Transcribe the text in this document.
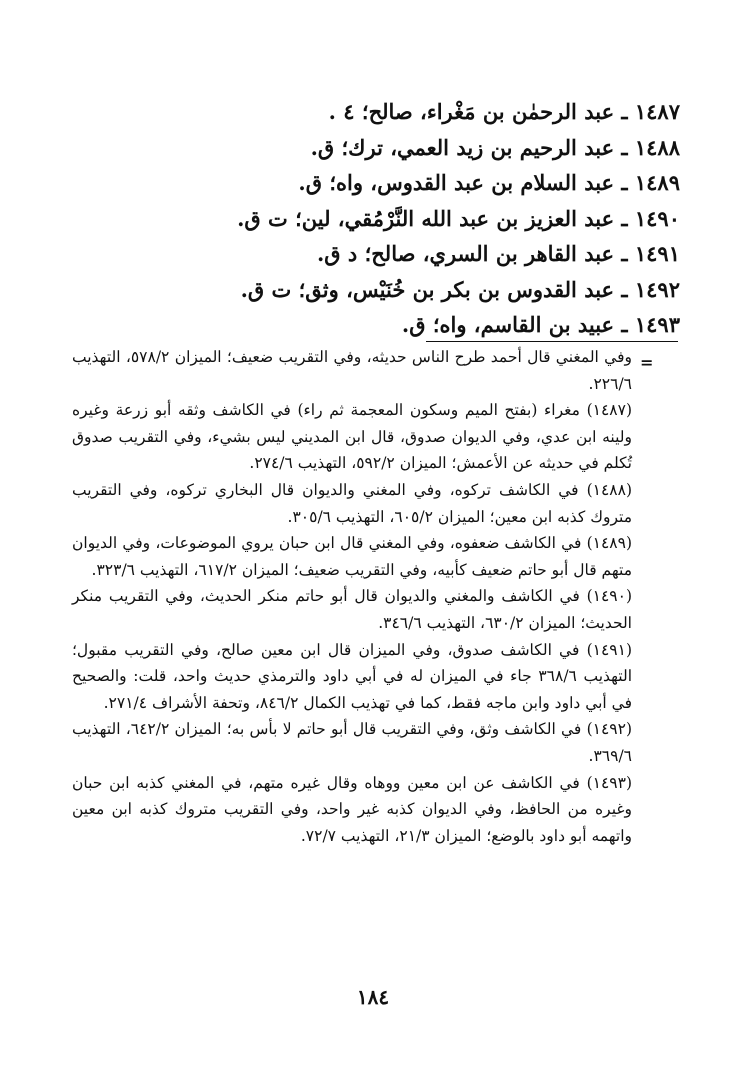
١٤٨٧ ـ عبد الرحمٰن بن مَغْراء، صالح؛ ٤ .
١٤٨٨ ـ عبد الرحيم بن زيد العمي، ترك؛ ق.
١٤٨٩ ـ عبد السلام بن عبد القدوس، واه؛ ق.
١٤٩٠ ـ عبد العزيز بن عبد الله النَّرْمُقي، لين؛ ت ق.
١٤٩١ ـ عبد القاهر بن السري، صالح؛ د ق.
١٤٩٢ ـ عبد القدوس بن بكر بن خُنَيْس، وثق؛ ت ق.
١٤٩٣ ـ عبيد بن القاسم، واه؛ ق.
=
وفي المغني قال أحمد طرح الناس حديثه، وفي التقريب ضعيف؛ الميزان ٥٧٨/٢، التهذيب ٢٢٦/٦.
(١٤٨٧) مغراء (بفتح الميم وسكون المعجمة ثم راء) في الكاشف وثقه أبو زرعة وغيره ولينه ابن عدي، وفي الديوان صدوق، قال ابن المديني ليس بشيء، وفي التقريب صدوق تُكلم في حديثه عن الأعمش؛ الميزان ٥٩٢/٢، التهذيب ٢٧٤/٦.
(١٤٨٨) في الكاشف تركوه، وفي المغني والديوان قال البخاري تركوه، وفي التقريب متروك كذبه ابن معين؛ الميزان ٦٠٥/٢، التهذيب ٣٠٥/٦.
(١٤٨٩) في الكاشف ضعفوه، وفي المغني قال ابن حبان يروي الموضوعات، وفي الديوان متهم قال أبو حاتم ضعيف كأبيه، وفي التقريب ضعيف؛ الميزان ٦١٧/٢، التهذيب ٣٢٣/٦.
(١٤٩٠) في الكاشف والمغني والديوان قال أبو حاتم منكر الحديث، وفي التقريب منكر الحديث؛ الميزان ٦٣٠/٢، التهذيب ٣٤٦/٦.
(١٤٩١) في الكاشف صدوق، وفي الميزان قال ابن معين صالح، وفي التقريب مقبول؛ التهذيب ٣٦٨/٦ جاء في الميزان له في أبي داود والترمذي حديث واحد، قلت: والصحيح في أبي داود وابن ماجه فقط، كما في تهذيب الكمال ٨٤٦/٢، وتحفة الأشراف ٢٧١/٤.
(١٤٩٢) في الكاشف وثق، وفي التقريب قال أبو حاتم لا بأس به؛ الميزان ٦٤٢/٢، التهذيب ٣٦٩/٦.
(١٤٩٣) في الكاشف عن ابن معين ووهاه وقال غيره متهم، في المغني كذبه ابن حبان وغيره من الحافظ، وفي الديوان كذبه غير واحد، وفي التقريب متروك كذبه ابن معين واتهمه أبو داود بالوضع؛ الميزان ٢١/٣، التهذيب ٧٢/٧.
١٨٤
